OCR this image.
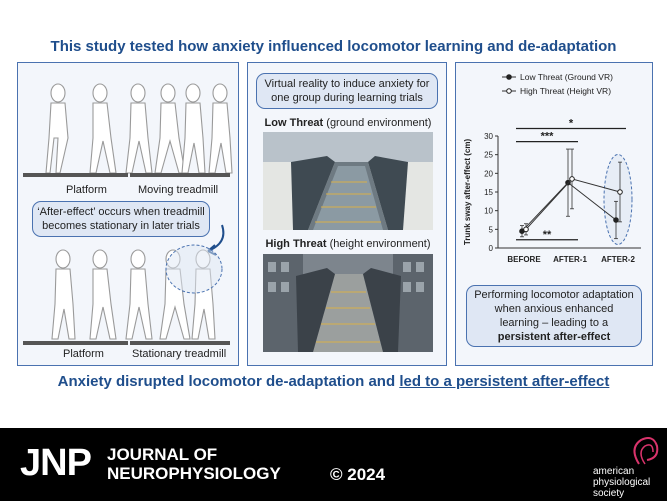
This study tested how anxiety influenced locomotor learning and de-adaptation
Platform	Moving treadmill
‘After-effect’ occurs when treadmill becomes stationary in later trials
Platform	Stationary treadmill
Virtual reality to induce anxiety for one group during learning trials
Low Threat (ground environment)
High Threat (height environment)	0
5
10
15
20
25
30
BEFORE AFTER-1 AFTER-2
Trunk sway after-effect (cm)
*
***
**
Low Threat (Ground VR)
High Threat (Height VR)
Performing locomotor adaptation
when anxious enhanced
learning – leading to a
persistent after-effect
Anxiety disrupted locomotor de-adaptation and led to a persistent after-effect
JNP JOURNAL OF
NEUROPHYSIOLOGY	© 2024	american
physiological
society
